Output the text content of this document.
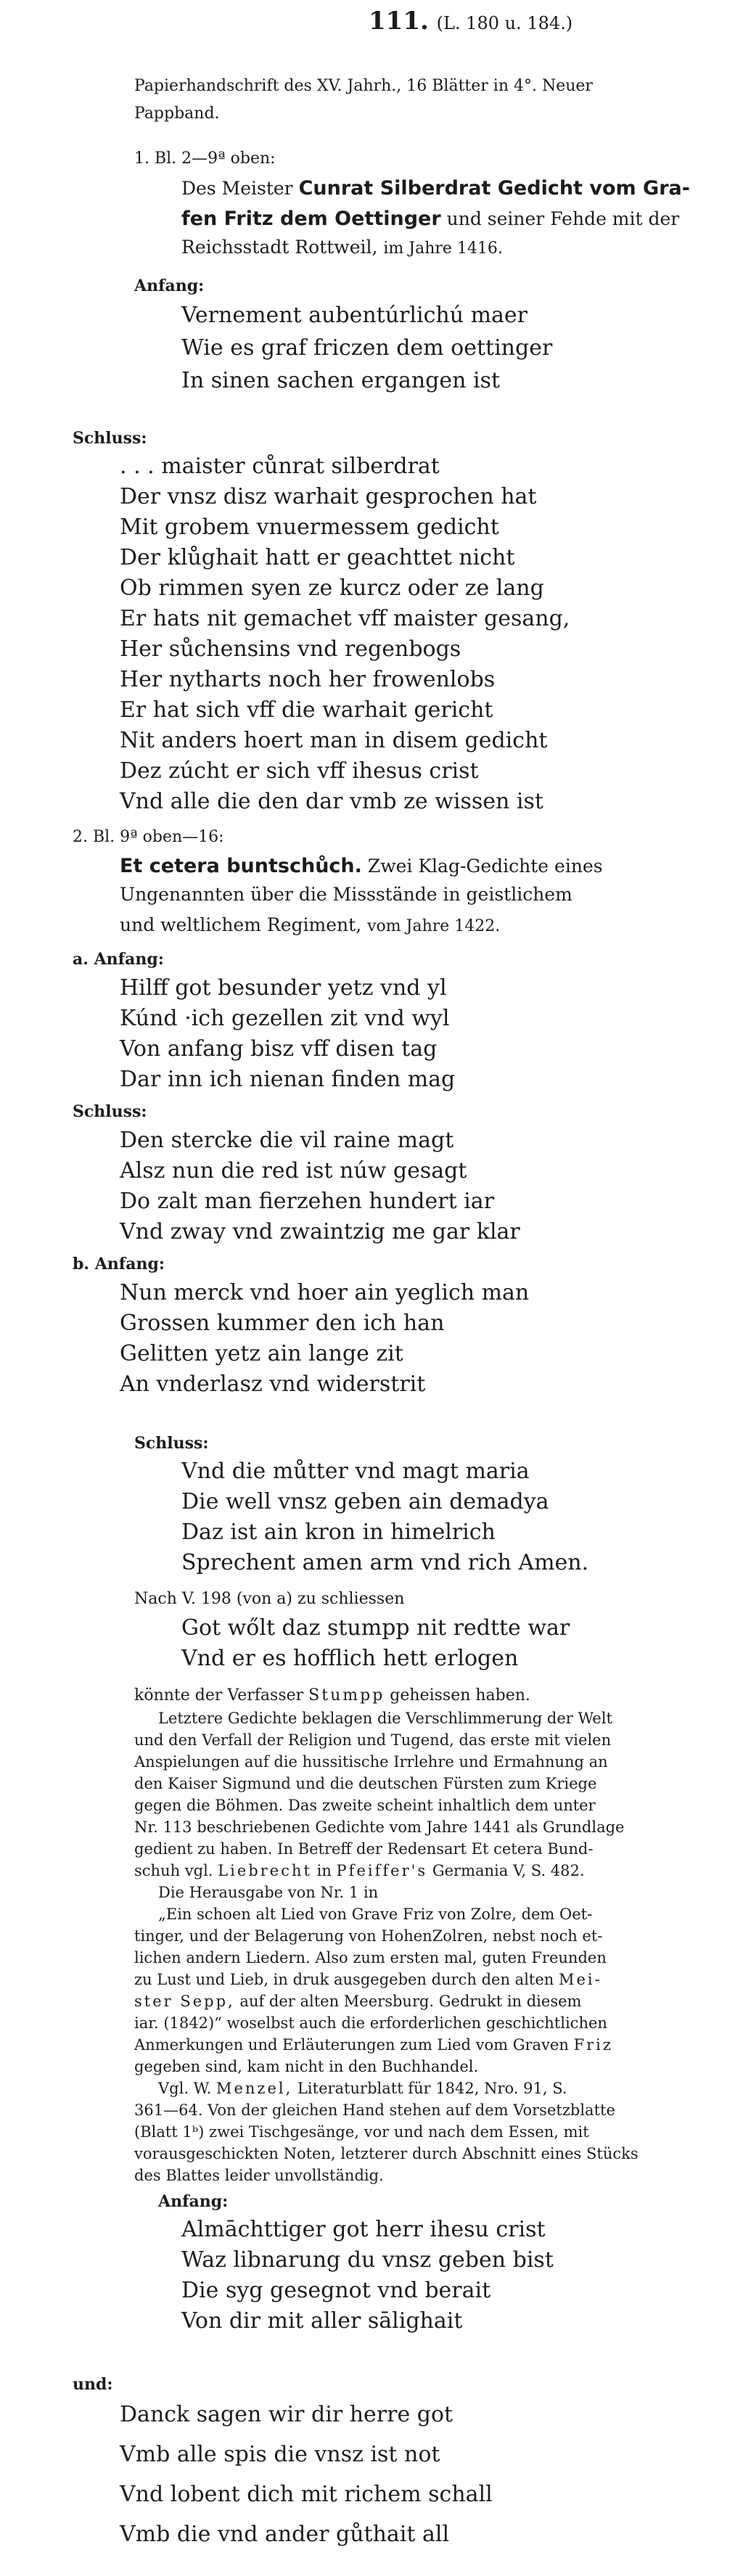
111. (L. 180 u. 184.)
Papierhandschrift des XV. Jahrh., 16 Blätter in 4°. Neuer
Pappband.
1. Bl. 2—9ª oben:
Des Meister Cunrat Silberdrat Gedicht vom Gra-
fen Fritz dem Oettinger und seiner Fehde mit der
Reichsstadt Rottweil, im Jahre 1416.
Anfang:
Vernement aubentúrlichú maer
Wie es graf friczen dem oettinger
In sinen sachen ergangen ist
Schluss:
. . . maister cůnrat silberdrat
Der vnsz disz warhait gesprochen hat
Mit grobem vnuermessem gedicht
Der klůghait hatt er geachttet nicht
Ob rimmen syen ze kurcz oder ze lang
Er hats nit gemachet vff maister gesang,
Her sůchensins vnd regenbogs
Her nytharts noch her frowenlobs
Er hat sich vff die warhait gericht
Nit anders hoert man in disem gedicht
Dez zúcht er sich vff ihesus crist
Vnd alle die den dar vmb ze wissen ist
2. Bl. 9ª oben—16:
Et cetera buntschůch. Zwei Klag-Gedichte eines
Ungenannten über die Missstände in geistlichem
und weltlichem Regiment, vom Jahre 1422.
a. Anfang:
Hilff got besunder yetz vnd yl
Kúnd ·ich gezellen zit vnd wyl
Von anfang bisz vff disen tag
Dar inn ich nienan finden mag
Schluss:
Den stercke die vil raine magt
Alsz nun die red ist núw gesagt
Do zalt man fierzehen hundert iar
Vnd zway vnd zwaintzig me gar klar
b. Anfang:
Nun merck vnd hoer ain yeglich man
Grossen kummer den ich han
Gelitten yetz ain lange zit
An vnderlasz vnd widerstrit
Schluss:
Vnd die můtter vnd magt maria
Die well vnsz geben ain demadya
Daz ist ain kron in himelrich
Sprechent amen arm vnd rich Amen.
Nach V. 198 (von a) zu schliessen
Got wőlt daz stumpp nit redtte war
Vnd er es hofflich hett erlogen
könnte der Verfasser Stumpp geheissen haben.
Letztere Gedichte beklagen die Verschlimmerung der Welt
und den Verfall der Religion und Tugend, das erste mit vielen
Anspielungen auf die hussitische Irrlehre und Ermahnung an
den Kaiser Sigmund und die deutschen Fürsten zum Kriege
gegen die Böhmen. Das zweite scheint inhaltlich dem unter
Nr. 113 beschriebenen Gedichte vom Jahre 1441 als Grundlage
gedient zu haben. In Betreff der Redensart Et cetera Bund-
schuh vgl. Liebrecht in Pfeiffer's Germania V, S. 482.
Die Herausgabe von Nr. 1 in
„Ein schoen alt Lied von Grave Friz von Zolre, dem Oet-
tinger, und der Belagerung von HohenZolren, nebst noch et-
lichen andern Liedern. Also zum ersten mal, guten Freunden
zu Lust und Lieb, in druk ausgegeben durch den alten Mei-
ster Sepp, auf der alten Meersburg. Gedrukt in diesem
iar. (1842)“ woselbst auch die erforderlichen geschichtlichen
Anmerkungen und Erläuterungen zum Lied vom Graven Friz
gegeben sind, kam nicht in den Buchhandel.
Vgl. W. Menzel, Literaturblatt für 1842, Nro. 91, S.
361—64. Von der gleichen Hand stehen auf dem Vorsetzblatte
(Blatt 1ᵇ) zwei Tischgesänge, vor und nach dem Essen, mit
vorausgeschickten Noten, letzterer durch Abschnitt eines Stücks
des Blattes leider unvollständig.
Anfang:
Almāchttiger got herr ihesu crist
Waz libnarung du vnsz geben bist
Die syg gesegnot vnd berait
Von dir mit aller sālighait
und:
Danck sagen wir dir herre got
Vmb alle spis die vnsz ist not
Vnd lobent dich mit richem schall
Vmb die vnd ander gůthait all
